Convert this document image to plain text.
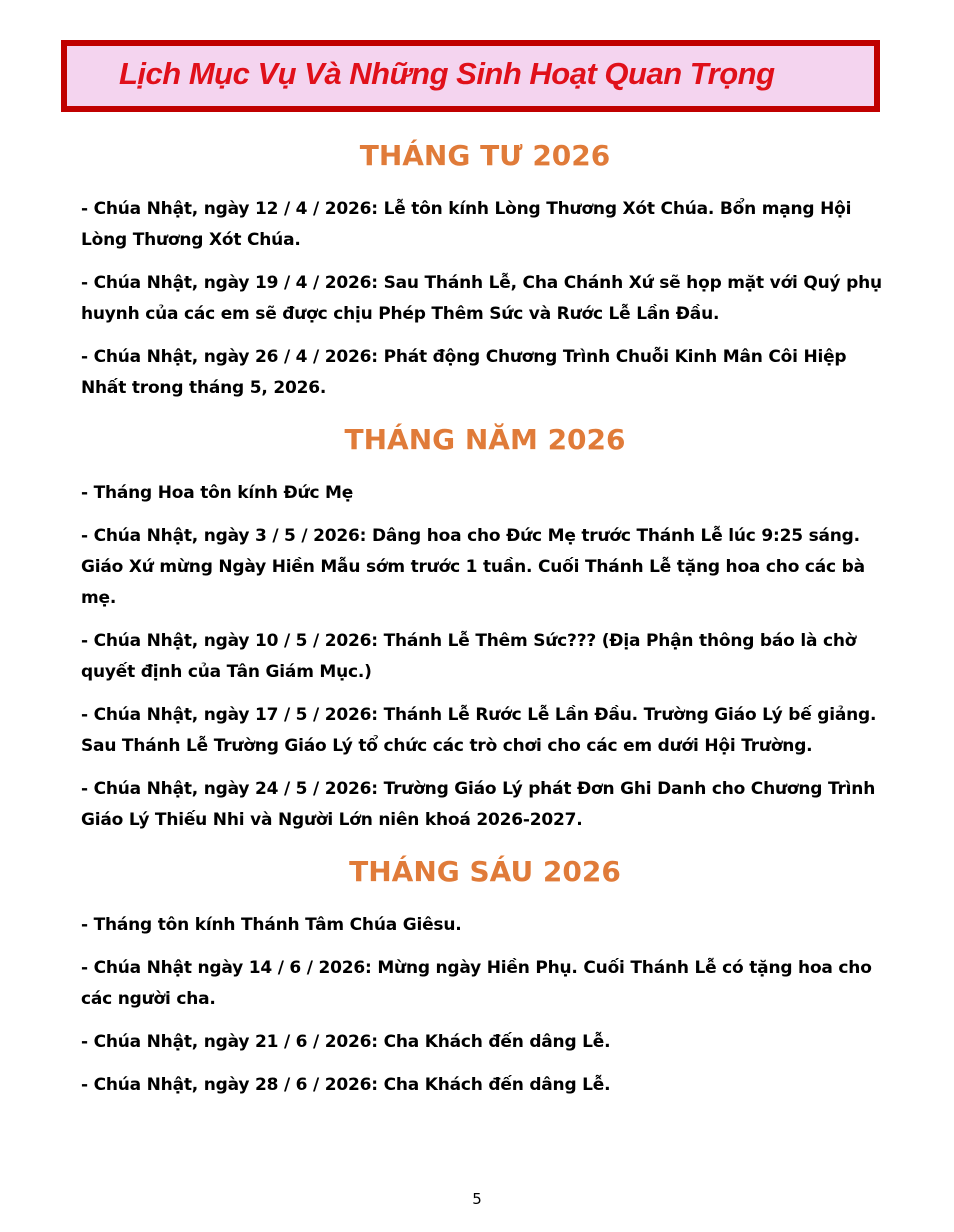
Lịch Mục Vụ Và Những Sinh Hoạt Quan Trọng
THÁNG TƯ 2026
- Chúa Nhật, ngày 12 / 4 / 2026: Lễ tôn kính Lòng Thương Xót Chúa. Bổn mạng Hội Lòng Thương Xót Chúa.
- Chúa Nhật, ngày 19 / 4 / 2026: Sau Thánh Lễ, Cha Chánh Xứ sẽ họp mặt với Quý phụ huynh của các em sẽ được chịu Phép Thêm Sức và Rước Lễ Lần Đầu.
- Chúa Nhật, ngày 26 / 4 / 2026: Phát động Chương Trình Chuỗi Kinh Mân Côi Hiệp Nhất trong tháng 5, 2026.
THÁNG NĂM 2026
- Tháng Hoa tôn kính Đức Mẹ
- Chúa Nhật, ngày 3 / 5 / 2026: Dâng hoa cho Đức Mẹ trước Thánh Lễ lúc 9:25 sáng. Giáo Xứ mừng Ngày Hiền Mẫu sớm trước 1 tuần. Cuối Thánh Lễ tặng hoa cho các bà mẹ.
- Chúa Nhật, ngày 10 / 5 / 2026: Thánh Lễ Thêm Sức??? (Địa Phận thông báo là chờ quyết định của Tân Giám Mục.)
- Chúa Nhật, ngày 17 / 5 / 2026: Thánh Lễ Rước Lễ Lần Đầu. Trường Giáo Lý bế giảng. Sau Thánh Lễ Trường Giáo Lý tổ chức các trò chơi cho các em dưới Hội Trường.
- Chúa Nhật, ngày 24 / 5 / 2026: Trường Giáo Lý phát Đơn Ghi Danh cho Chương Trình Giáo Lý Thiếu Nhi và Người Lớn niên khoá 2026-2027.
THÁNG SÁU 2026
- Tháng tôn kính Thánh Tâm Chúa Giêsu.
- Chúa Nhật ngày 14 / 6 / 2026: Mừng ngày Hiền Phụ. Cuối Thánh Lễ có tặng hoa cho các người cha.
- Chúa Nhật, ngày 21 / 6 / 2026: Cha Khách đến dâng Lễ.
- Chúa Nhật, ngày 28 / 6 / 2026: Cha Khách đến dâng Lễ.
5
